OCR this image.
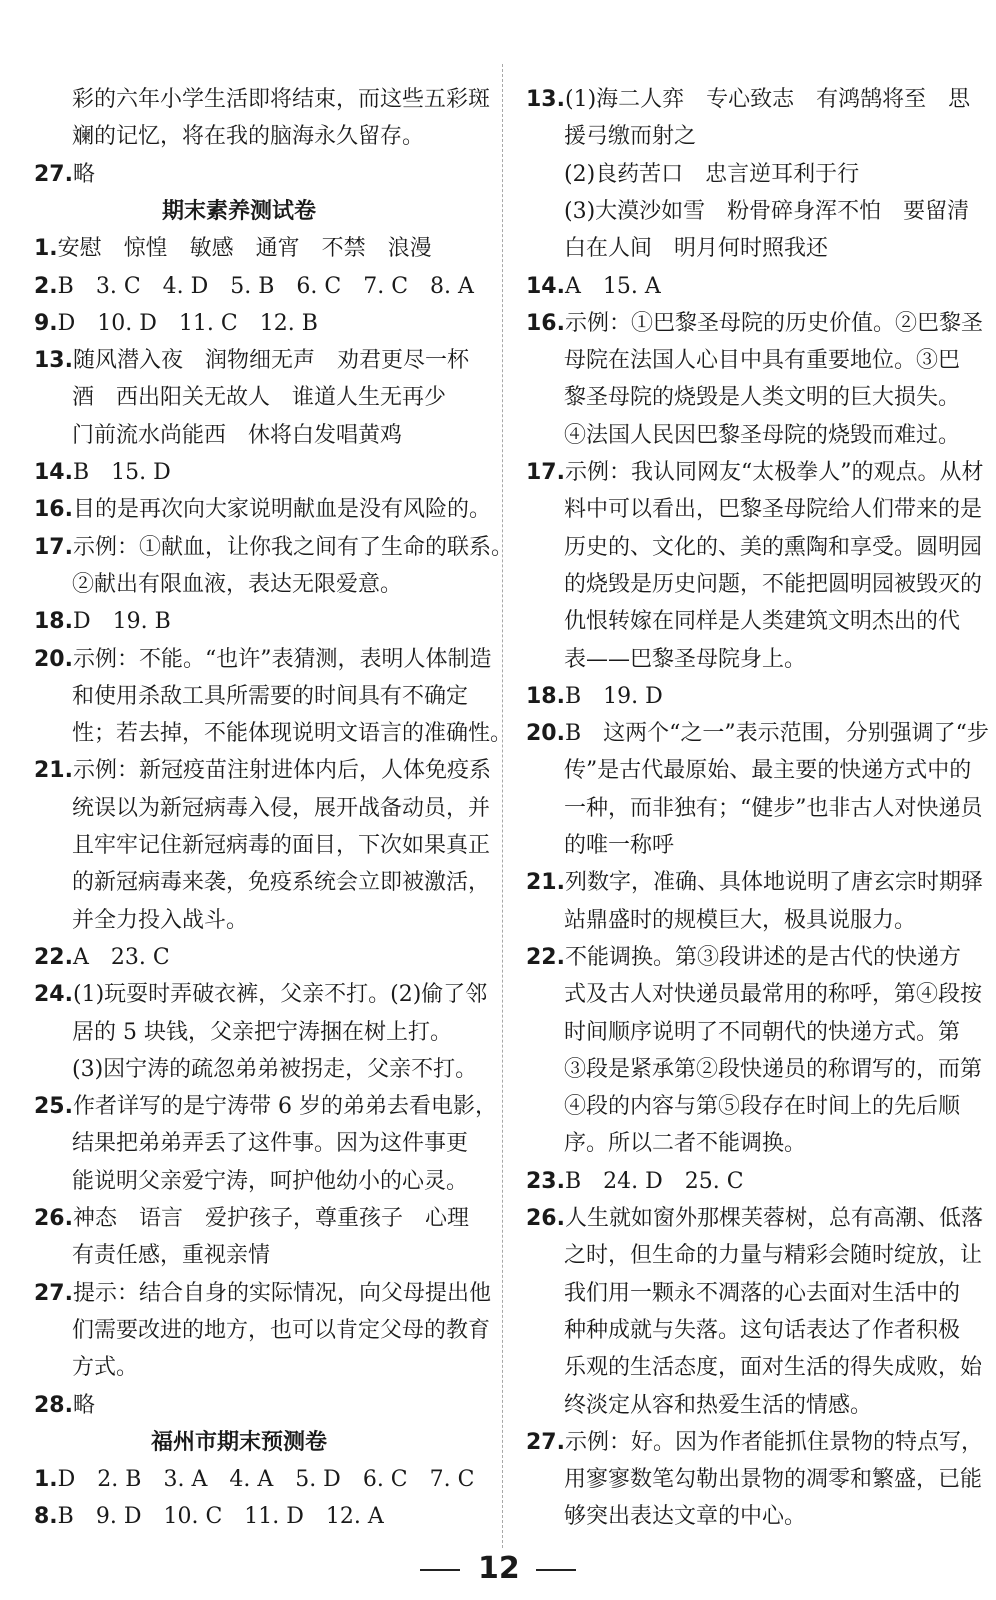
彩的六年小学生活即将结束，而这些五彩斑
斓的记忆，将在我的脑海永久留存。
27.略
期末素养测试卷
1.安慰　惊惶　敏感　通宵　不禁　浪漫
2.B　3. C　4. D　5. B　6. C　7. C　8. A
9.D　10. D　11. C　12. B
13.随风潜入夜　润物细无声　劝君更尽一杯
酒　西出阳关无故人　谁道人生无再少
门前流水尚能西　休将白发唱黄鸡
14.B　15. D
16.目的是再次向大家说明献血是没有风险的。
17.示例：①献血，让你我之间有了生命的联系。
②献出有限血液，表达无限爱意。
18.D　19. B
20.示例：不能。“也许”表猜测，表明人体制造
和使用杀敌工具所需要的时间具有不确定
性；若去掉，不能体现说明文语言的准确性。
21.示例：新冠疫苗注射进体内后，人体免疫系
统误以为新冠病毒入侵，展开战备动员，并
且牢牢记住新冠病毒的面目，下次如果真正
的新冠病毒来袭，免疫系统会立即被激活，
并全力投入战斗。
22.A　23. C
24.(1)玩耍时弄破衣裤，父亲不打。(2)偷了邻
居的 5 块钱，父亲把宁涛捆在树上打。
(3)因宁涛的疏忽弟弟被拐走，父亲不打。
25.作者详写的是宁涛带 6 岁的弟弟去看电影，
结果把弟弟弄丢了这件事。因为这件事更
能说明父亲爱宁涛，呵护他幼小的心灵。
26.神态　语言　爱护孩子，尊重孩子　心理
有责任感，重视亲情
27.提示：结合自身的实际情况，向父母提出他
们需要改进的地方，也可以肯定父母的教育
方式。
28.略
福州市期末预测卷
1.D　2. B　3. A　4. A　5. D　6. C　7. C
8.B　9. D　10. C　11. D　12. A
13.(1)海二人弈　专心致志　有鸿鹄将至　思
援弓缴而射之
(2)良药苦口　忠言逆耳利于行
(3)大漠沙如雪　粉骨碎身浑不怕　要留清
白在人间　明月何时照我还
14.A　15. A
16.示例：①巴黎圣母院的历史价值。②巴黎圣
母院在法国人心目中具有重要地位。③巴
黎圣母院的烧毁是人类文明的巨大损失。
④法国人民因巴黎圣母院的烧毁而难过。
17.示例：我认同网友“太极拳人”的观点。从材
料中可以看出，巴黎圣母院给人们带来的是
历史的、文化的、美的熏陶和享受。圆明园
的烧毁是历史问题，不能把圆明园被毁灭的
仇恨转嫁在同样是人类建筑文明杰出的代
表——巴黎圣母院身上。
18.B　19. D
20.B　这两个“之一”表示范围，分别强调了“步
传”是古代最原始、最主要的快递方式中的
一种，而非独有；“健步”也非古人对快递员
的唯一称呼
21.列数字，准确、具体地说明了唐玄宗时期驿
站鼎盛时的规模巨大，极具说服力。
22.不能调换。第③段讲述的是古代的快递方
式及古人对快递员最常用的称呼，第④段按
时间顺序说明了不同朝代的快递方式。第
③段是紧承第②段快递员的称谓写的，而第
④段的内容与第⑤段存在时间上的先后顺
序。所以二者不能调换。
23.B　24. D　25. C
26.人生就如窗外那棵芙蓉树，总有高潮、低落
之时，但生命的力量与精彩会随时绽放，让
我们用一颗永不凋落的心去面对生活中的
种种成就与失落。这句话表达了作者积极
乐观的生活态度，面对生活的得失成败，始
终淡定从容和热爱生活的情感。
27.示例：好。因为作者能抓住景物的特点写，
用寥寥数笔勾勒出景物的凋零和繁盛，已能
够突出表达文章的中心。
12
